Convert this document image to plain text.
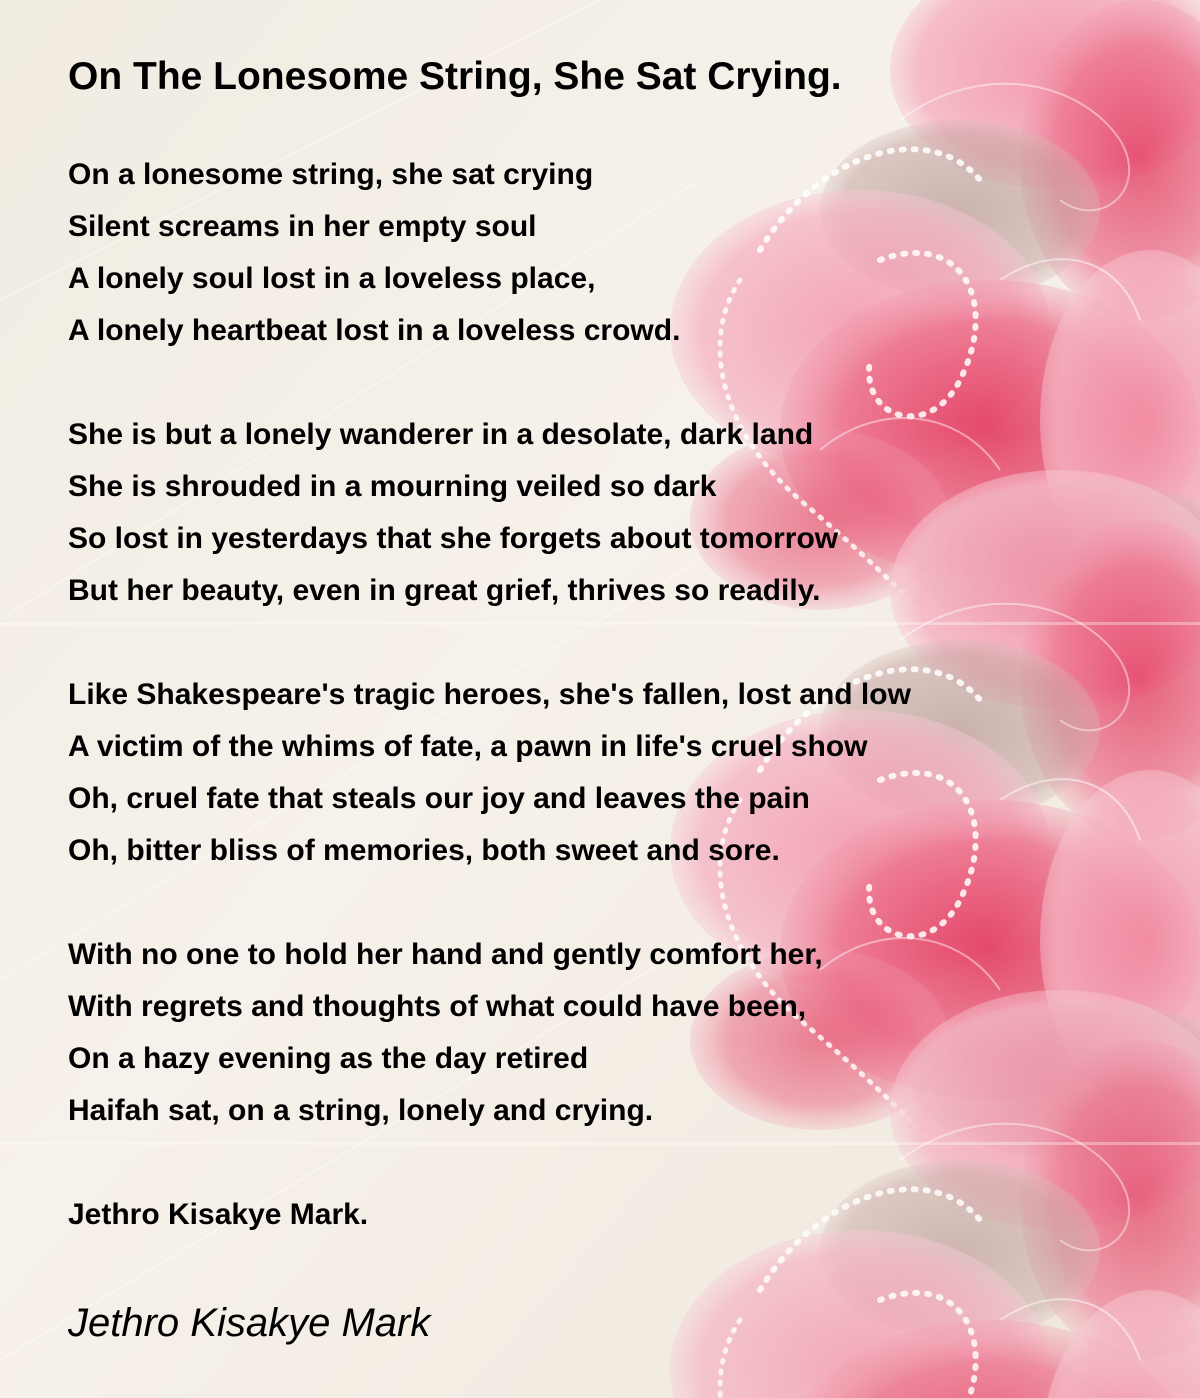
On The Lonesome String, She Sat Crying.
On a lonesome string, she sat crying
Silent screams in her empty soul
A lonely soul lost in a loveless place,
A lonely heartbeat lost in a loveless crowd.
She is but a lonely wanderer in a desolate, dark land
She is shrouded in a mourning veiled so dark
So lost in yesterdays that she forgets about tomorrow
But her beauty, even in great grief, thrives so readily.
Like Shakespeare's tragic heroes, she's fallen, lost and low
A victim of the whims of fate, a pawn in life's cruel show
Oh, cruel fate that steals our joy and leaves the pain
Oh, bitter bliss of memories, both sweet and sore.
With no one to hold her hand and gently comfort her,
With regrets and thoughts of what could have been,
On a hazy evening as the day retired
Haifah sat, on a string, lonely and crying.
Jethro Kisakye Mark.
Jethro Kisakye Mark
